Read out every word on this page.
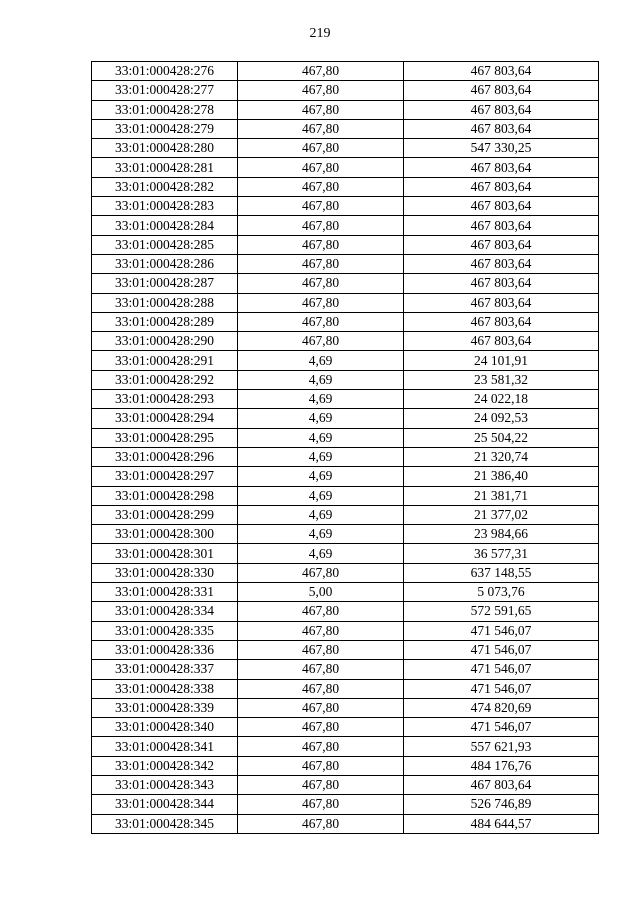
219
33:01:000428:276	467,80	467 803,64
33:01:000428:277	467,80	467 803,64
33:01:000428:278	467,80	467 803,64
33:01:000428:279	467,80	467 803,64
33:01:000428:280	467,80	547 330,25
33:01:000428:281	467,80	467 803,64
33:01:000428:282	467,80	467 803,64
33:01:000428:283	467,80	467 803,64
33:01:000428:284	467,80	467 803,64
33:01:000428:285	467,80	467 803,64
33:01:000428:286	467,80	467 803,64
33:01:000428:287	467,80	467 803,64
33:01:000428:288	467,80	467 803,64
33:01:000428:289	467,80	467 803,64
33:01:000428:290	467,80	467 803,64
33:01:000428:291	4,69	24 101,91
33:01:000428:292	4,69	23 581,32
33:01:000428:293	4,69	24 022,18
33:01:000428:294	4,69	24 092,53
33:01:000428:295	4,69	25 504,22
33:01:000428:296	4,69	21 320,74
33:01:000428:297	4,69	21 386,40
33:01:000428:298	4,69	21 381,71
33:01:000428:299	4,69	21 377,02
33:01:000428:300	4,69	23 984,66
33:01:000428:301	4,69	36 577,31
33:01:000428:330	467,80	637 148,55
33:01:000428:331	5,00	5 073,76
33:01:000428:334	467,80	572 591,65
33:01:000428:335	467,80	471 546,07
33:01:000428:336	467,80	471 546,07
33:01:000428:337	467,80	471 546,07
33:01:000428:338	467,80	471 546,07
33:01:000428:339	467,80	474 820,69
33:01:000428:340	467,80	471 546,07
33:01:000428:341	467,80	557 621,93
33:01:000428:342	467,80	484 176,76
33:01:000428:343	467,80	467 803,64
33:01:000428:344	467,80	526 746,89
33:01:000428:345	467,80	484 644,57
